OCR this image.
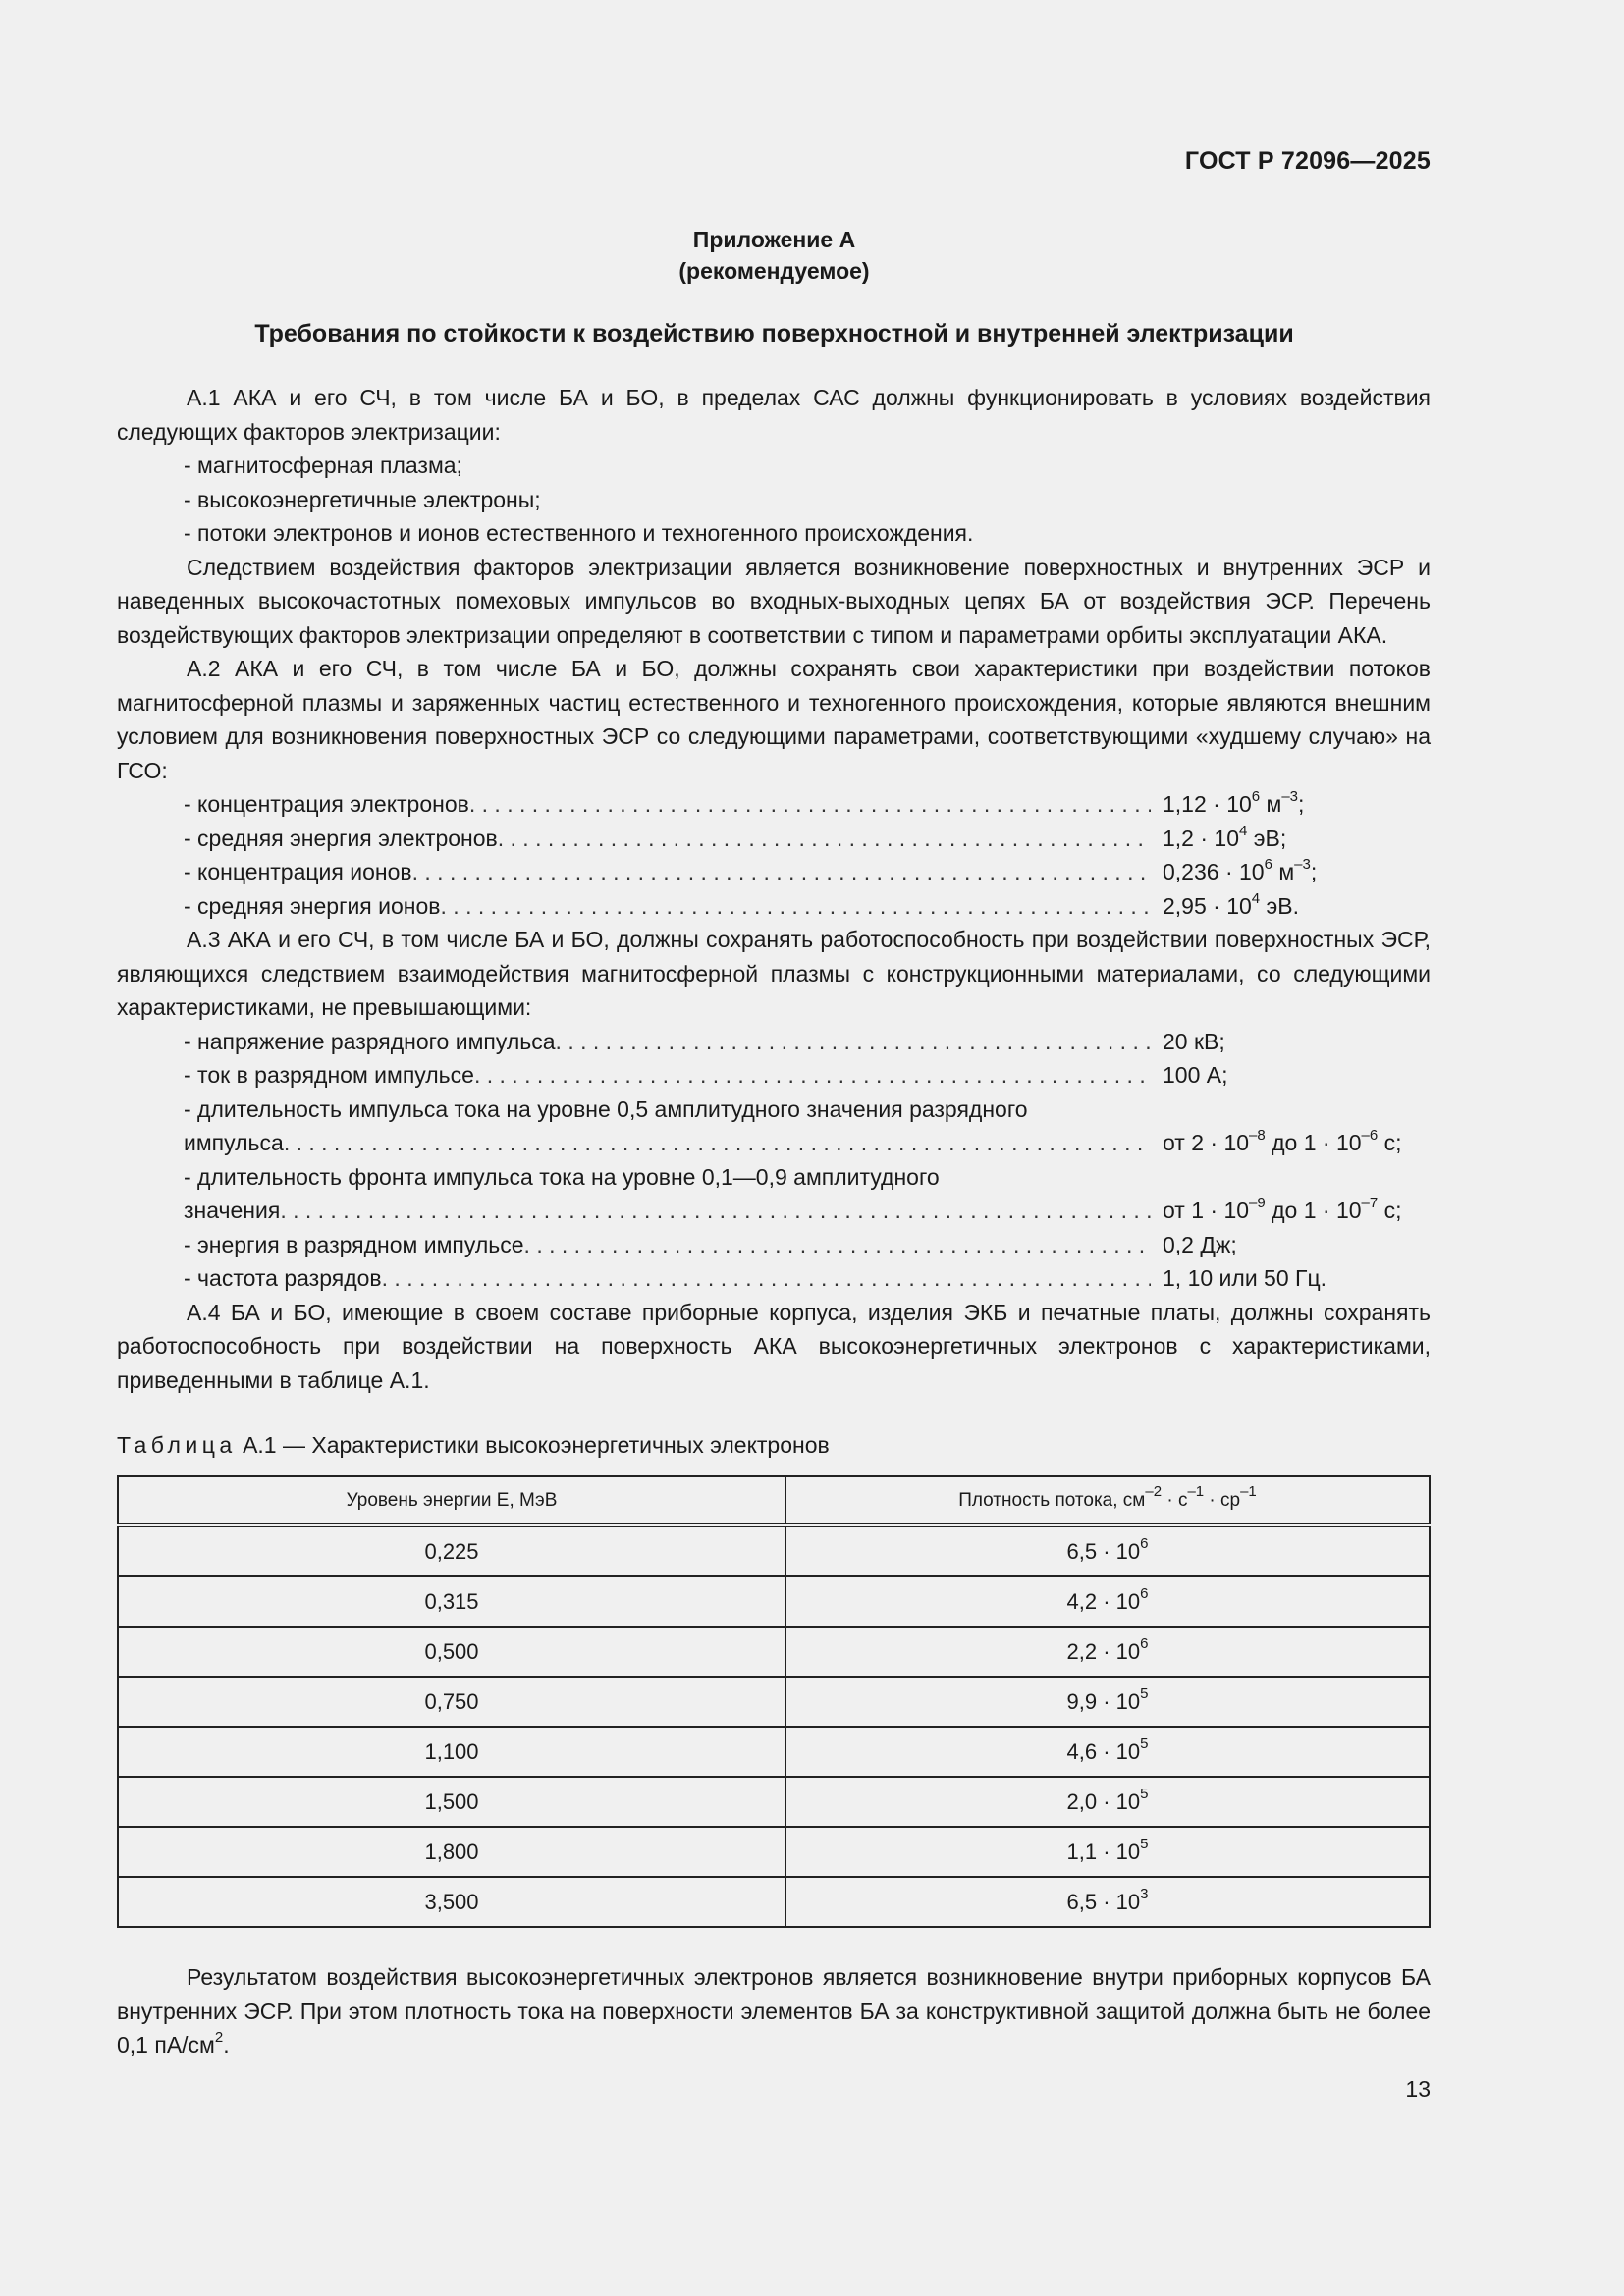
ГОСТ Р 72096—2025
Приложение А
(рекомендуемое)
Требования по стойкости к воздействию поверхностной и внутренней электризации

А.1 АКА и его СЧ, в том числе БА и БО, в пределах САС должны функционировать в условиях воздействия следующих факторов электризации:

- магнитосферная плазма;

- высокоэнергетичные электроны;

- потоки электронов и ионов естественного и техногенного происхождения.

Следствием воздействия факторов электризации является возникновение поверхностных и внутренних ЭСР и наведенных высокочастотных помеховых импульсов во входных-выходных цепях БА от воздействия ЭСР. Перечень воздействующих факторов электризации определяют в соответствии с типом и параметрами орбиты эксплуатации АКА.

А.2 АКА и его СЧ, в том числе БА и БО, должны сохранять свои характеристики при воздействии потоков магнитосферной плазмы и заряженных частиц естественного и техногенного происхождения, которые являются внешним условием для возникновения поверхностных ЭСР со следующими параметрами, соответствующими «худшему случаю» на ГСО:

- концентрация электронов . . .	$1,12 \cdot 10^6$ $м^{-3}$;
- средняя энергия электронов . . .	$1,2 \cdot 10^4$ эВ;
- концентрация ионов . . .	$0,236 \cdot 10^6$ $м^{-3}$;
- средняя энергия ионов . . .	$2,95 \cdot 10^4$ эВ.

А.3 АКА и его СЧ, в том числе БА и БО, должны сохранять работоспособность при воздействии поверхностных ЭСР, являющихся следствием взаимодействия магнитосферной плазмы с конструкционными материалами, со следующими характеристиками, не превышающими:

- напряжение разрядного импульса . . .	20 кВ;
- ток в разрядном импульсе . . .	100 А;

- длительность импульса тока на уровне 0,5 амплитудного значения разрядного

импульса . . .	от $2 \cdot 10^{-8}$ до $1 \cdot 10^{-6}$ с;

- длительность фронта импульса тока на уровне 0,1—0,9 амплитудного

значения . . .	от $1 \cdot 10^{-9}$ до $1 \cdot 10^{-7}$ с;
- энергия в разрядном импульсе . . .	0,2 Дж;
- частота разрядов . . .	1, 10 или 50 Гц.

А.4 БА и БО, имеющие в своем составе приборные корпуса, изделия ЭКБ и печатные платы, должны сохранять работоспособность при воздействии на поверхность АКА высокоэнергетичных электронов с характеристиками, приведенными в таблице А.1.

Таблица А.1 — Характеристики высокоэнергетичных электронов
Уровень энергии Е, МэВ	Плотность потока, $см^{-2} \cdot с^{-1} \cdot ср^{-1}$
0,225	$6,5 \cdot 10^6$
0,315	$4,2 \cdot 10^6$
0,500	$2,2 \cdot 10^6$
0,750	$9,9 \cdot 10^5$
1,100	$4,6 \cdot 10^5$
1,500	$2,0 \cdot 10^5$
1,800	$1,1 \cdot 10^5$
3,500	$6,5 \cdot 10^3$

Результатом воздействия высокоэнергетичных электронов является возникновение внутри приборных корпусов БА внутренних ЭСР. При этом плотность тока на поверхности элементов БА за конструктивной защитой должна быть не более 0,1 $пА/см^2$.

13
